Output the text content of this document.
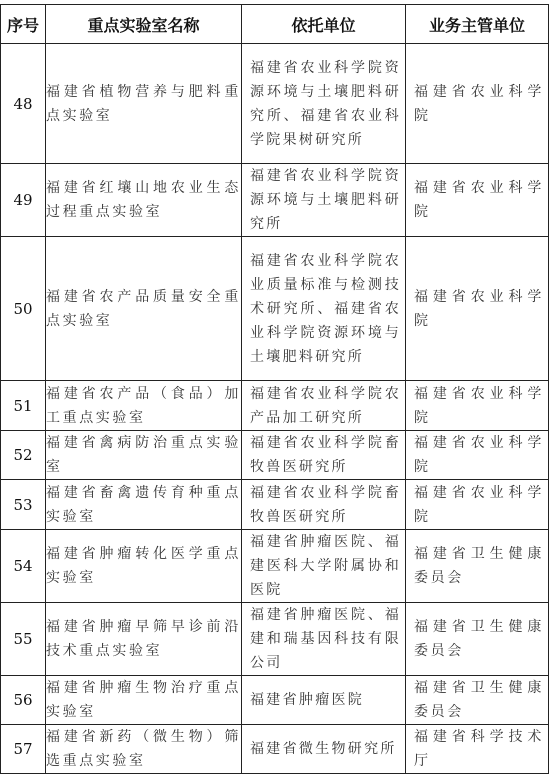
序号	重点实验室名称	依托单位	业务主管单位
48	福建省植物营养与肥料重点实验室	福建省农业科学院资源环境与土壤肥料研究所、福建省农业科学院果树研究所	福建省农业科学院
49	福建省红壤山地农业生态过程重点实验室	福建省农业科学院资源环境与土壤肥料研究所	福建省农业科学院
50	福建省农产品质量安全重点实验室	福建省农业科学院农业质量标准与检测技术研究所、福建省农业科学院资源环境与土壤肥料研究所	福建省农业科学院
51	福建省农产品（食品）加工重点实验室	福建省农业科学院农产品加工研究所	福建省农业科学院
52	福建省禽病防治重点实验室	福建省农业科学院畜牧兽医研究所	福建省农业科学院
53	福建省畜禽遗传育种重点实验室	福建省农业科学院畜牧兽医研究所	福建省农业科学院
54	福建省肿瘤转化医学重点实验室	福建省肿瘤医院、福建医科大学附属协和医院	福建省卫生健康委员会
55	福建省肿瘤早筛早诊前沿技术重点实验室	福建省肿瘤医院、福建和瑞基因科技有限公司	福建省卫生健康委员会
56	福建省肿瘤生物治疗重点实验室	福建省肿瘤医院	福建省卫生健康委员会
57	福建省新药（微生物）筛选重点实验室	福建省微生物研究所	福建省科学技术厅
